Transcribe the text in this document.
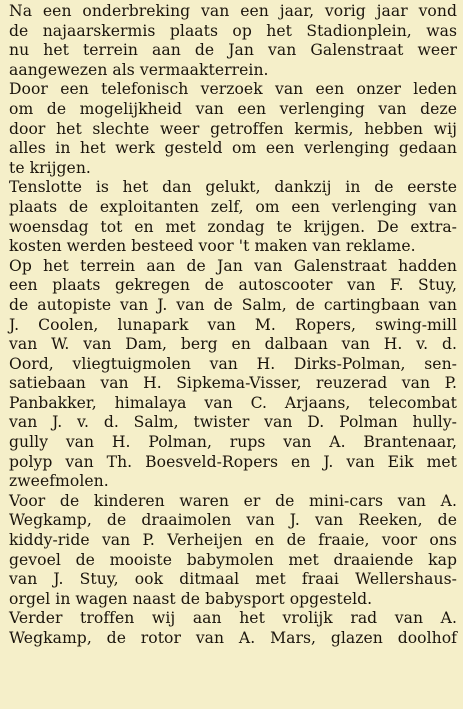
Na een onderbreking van een jaar, vorig jaar vond
de najaarskermis plaats op het Stadionplein, was
nu het terrein aan de Jan van Galenstraat weer
aangewezen als vermaakterrein.
Door een telefonisch verzoek van een onzer leden
om de mogelijkheid van een verlenging van deze
door het slechte weer getroffen kermis, hebben wij
alles in het werk gesteld om een verlenging gedaan
te krijgen.
Tenslotte is het dan gelukt, dankzij in de eerste
plaats de exploitanten zelf, om een verlenging van
woensdag tot en met zondag te krijgen. De extra-
kosten werden besteed voor 't maken van reklame.
Op het terrein aan de Jan van Galenstraat hadden
een plaats gekregen de autoscooter van F. Stuy,
de autopiste van J. van de Salm, de cartingbaan van
J. Coolen, lunapark van M. Ropers, swing-mill
van W. van Dam, berg en dalbaan van H. v. d.
Oord, vliegtuigmolen van H. Dirks-Polman, sen-
satiebaan van H. Sipkema-Visser, reuzerad van P.
Panbakker, himalaya van C. Arjaans, telecombat
van J. v. d. Salm, twister van D. Polman hully-
gully van H. Polman, rups van A. Brantenaar,
polyp van Th. Boesveld-Ropers en J. van Eik met
zweefmolen.
Voor de kinderen waren er de mini-cars van A.
Wegkamp, de draaimolen van J. van Reeken, de
kiddy-ride van P. Verheijen en de fraaie, voor ons
gevoel de mooiste babymolen met draaiende kap
van J. Stuy, ook ditmaal met fraai Wellershaus-
orgel in wagen naast de babysport opgesteld.
Verder troffen wij aan het vrolijk rad van A.
Wegkamp, de rotor van A. Mars, glazen doolhof
